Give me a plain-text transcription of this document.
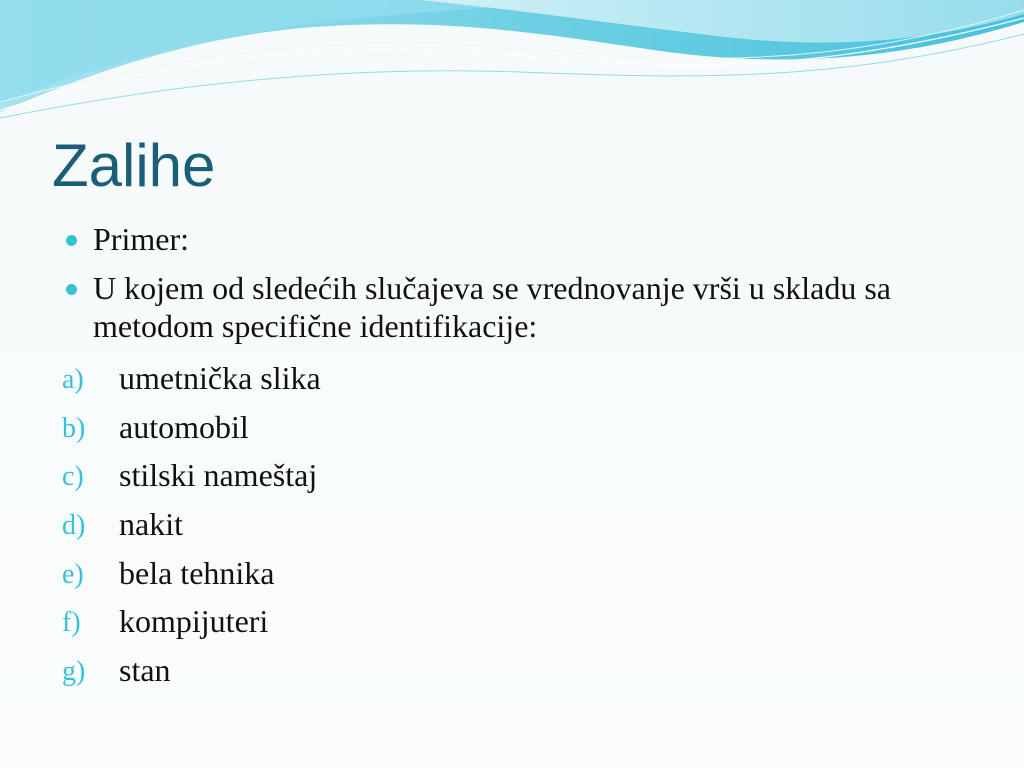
Zalihe
Primer:
U kojem od sledećih slučajeva se vrednovanje vrši u skladu sa metodom specifične identifikacije:
a) umetnička slika
b) automobil
c) stilski nameštaj
d) nakit
e) bela tehnika
f) kompijuteri
g) stan
